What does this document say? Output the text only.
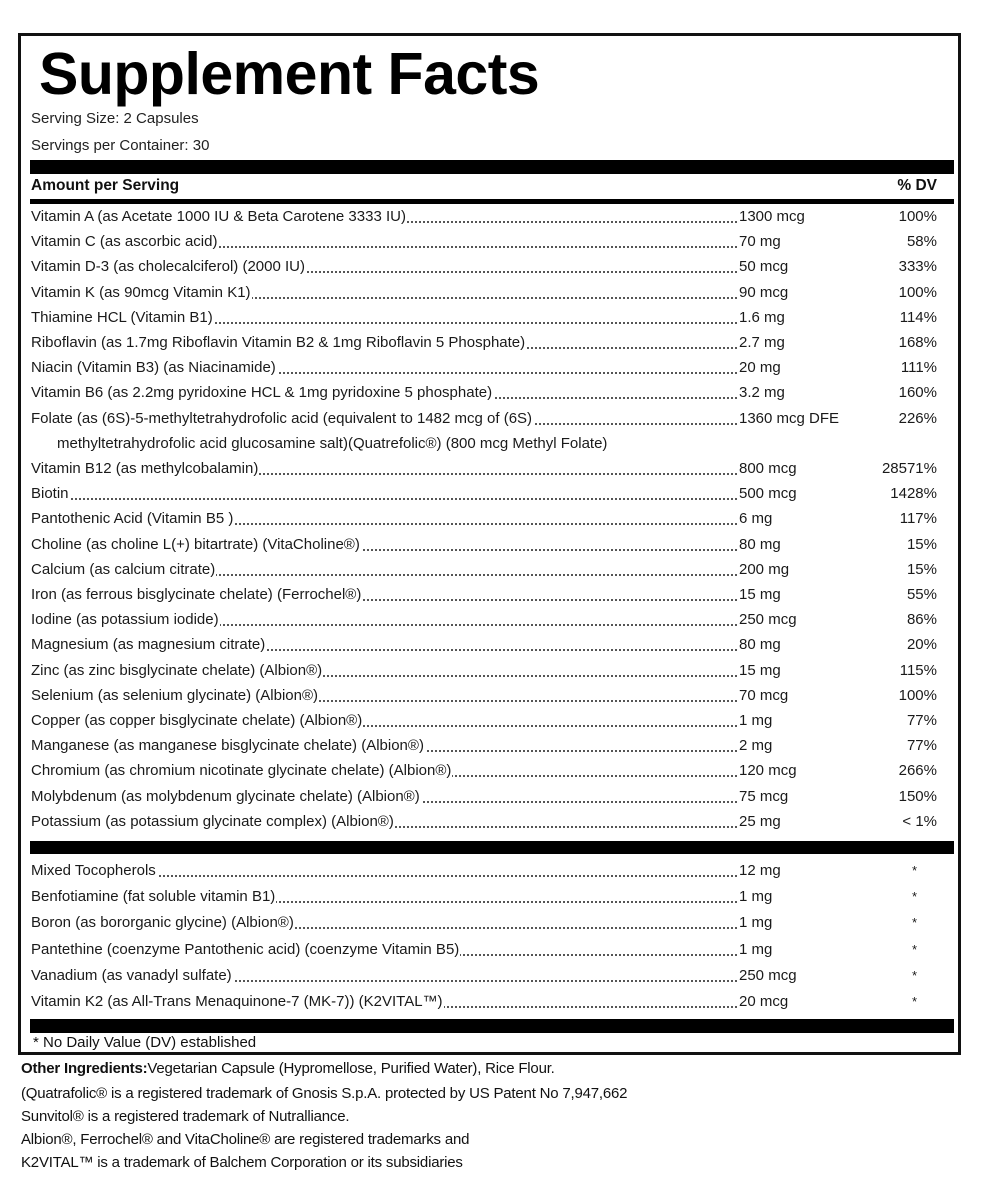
Supplement Facts
Serving Size: 2 Capsules
Servings per Container: 30
Amount per Serving	% DV
Vitamin A (as Acetate 1000 IU & Beta Carotene 3333 IU)	1300 mcg	100%
Vitamin C (as ascorbic acid)	70 mg	58%
Vitamin D-3 (as cholecalciferol) (2000 IU)	50 mcg	333%
Vitamin K (as 90mcg Vitamin K1)	90 mcg	100%
Thiamine HCL (Vitamin B1)	1.6 mg	114%
Riboflavin (as 1.7mg Riboflavin Vitamin B2 & 1mg Riboflavin 5 Phosphate)	2.7 mg	168%
Niacin (Vitamin B3) (as Niacinamide)	20 mg	111%
Vitamin B6 (as 2.2mg pyridoxine HCL & 1mg pyridoxine 5 phosphate)	3.2 mg	160%
Folate (as (6S)-5-methyltetrahydrofolic acid (equivalent to 1482 mcg of (6S)	1360 mcg DFE	226%
methyltetrahydrofolic acid glucosamine salt)(Quatrefolic®) (800 mcg Methyl Folate)
Vitamin B12 (as methylcobalamin)	800 mcg	28571%
Biotin	500 mcg	1428%
Pantothenic Acid (Vitamin B5 )	6 mg	117%
Choline (as choline L(+) bitartrate) (VitaCholine®)	80 mg	15%
Calcium (as calcium citrate)	200 mg	15%
Iron (as ferrous bisglycinate chelate) (Ferrochel®)	15 mg	55%
Iodine (as potassium iodide)	250 mcg	86%
Magnesium (as magnesium citrate)	80 mg	20%
Zinc (as zinc bisglycinate chelate) (Albion®)	15 mg	115%
Selenium (as selenium glycinate) (Albion®)	70 mcg	100%
Copper (as copper bisglycinate chelate) (Albion®)	1 mg	77%
Manganese (as manganese bisglycinate chelate) (Albion®)	2 mg	77%
Chromium (as chromium nicotinate glycinate chelate) (Albion®)	120 mcg	266%
Molybdenum (as molybdenum glycinate chelate) (Albion®)	75 mcg	150%
Potassium (as potassium glycinate complex) (Albion®)	25 mg	< 1%
Mixed Tocopherols	12 mg	*
Benfotiamine (fat soluble vitamin B1)	1 mg	*
Boron (as bororganic glycine) (Albion®)	1 mg	*
Pantethine (coenzyme Pantothenic acid) (coenzyme Vitamin B5)	1 mg	*
Vanadium (as vanadyl sulfate)	250 mcg	*
Vitamin K2 (as All-Trans Menaquinone-7 (MK-7)) (K2VITAL™)	20 mcg	*
* No Daily Value (DV) established
Other Ingredients:Vegetarian Capsule (Hypromellose, Purified Water), Rice Flour.
(Quatrafolic® is a registered trademark of Gnosis S.p.A. protected by US Patent No 7,947,662
Sunvitol® is a registered trademark of Nutralliance.
Albion®, Ferrochel® and VitaCholine® are registered trademarks and
K2VITAL™ is a trademark of Balchem Corporation or its subsidiaries
